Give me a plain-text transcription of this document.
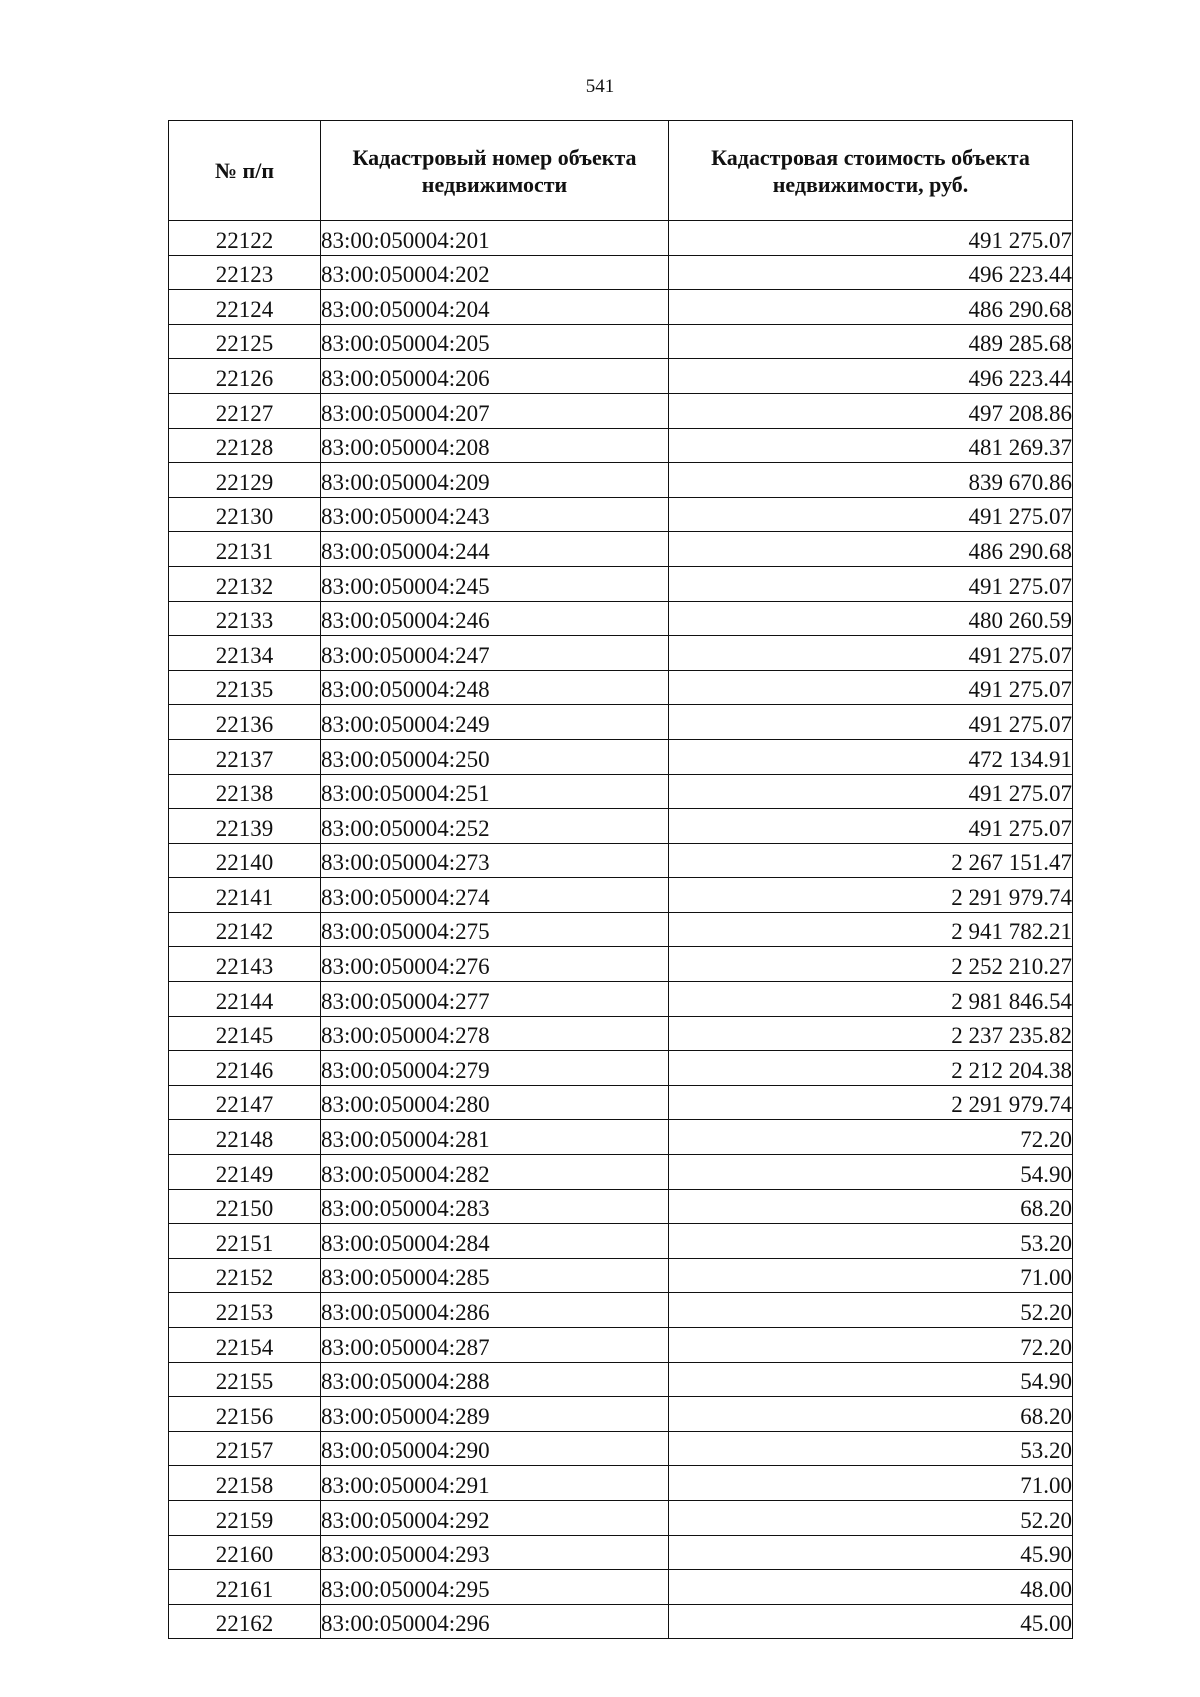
541
№ п/п	Кадастровый номер объекта недвижимости	Кадастровая стоимость объекта недвижимости, руб.
22122	83:00:050004:201	491 275.07
22123	83:00:050004:202	496 223.44
22124	83:00:050004:204	486 290.68
22125	83:00:050004:205	489 285.68
22126	83:00:050004:206	496 223.44
22127	83:00:050004:207	497 208.86
22128	83:00:050004:208	481 269.37
22129	83:00:050004:209	839 670.86
22130	83:00:050004:243	491 275.07
22131	83:00:050004:244	486 290.68
22132	83:00:050004:245	491 275.07
22133	83:00:050004:246	480 260.59
22134	83:00:050004:247	491 275.07
22135	83:00:050004:248	491 275.07
22136	83:00:050004:249	491 275.07
22137	83:00:050004:250	472 134.91
22138	83:00:050004:251	491 275.07
22139	83:00:050004:252	491 275.07
22140	83:00:050004:273	2 267 151.47
22141	83:00:050004:274	2 291 979.74
22142	83:00:050004:275	2 941 782.21
22143	83:00:050004:276	2 252 210.27
22144	83:00:050004:277	2 981 846.54
22145	83:00:050004:278	2 237 235.82
22146	83:00:050004:279	2 212 204.38
22147	83:00:050004:280	2 291 979.74
22148	83:00:050004:281	72.20
22149	83:00:050004:282	54.90
22150	83:00:050004:283	68.20
22151	83:00:050004:284	53.20
22152	83:00:050004:285	71.00
22153	83:00:050004:286	52.20
22154	83:00:050004:287	72.20
22155	83:00:050004:288	54.90
22156	83:00:050004:289	68.20
22157	83:00:050004:290	53.20
22158	83:00:050004:291	71.00
22159	83:00:050004:292	52.20
22160	83:00:050004:293	45.90
22161	83:00:050004:295	48.00
22162	83:00:050004:296	45.00
